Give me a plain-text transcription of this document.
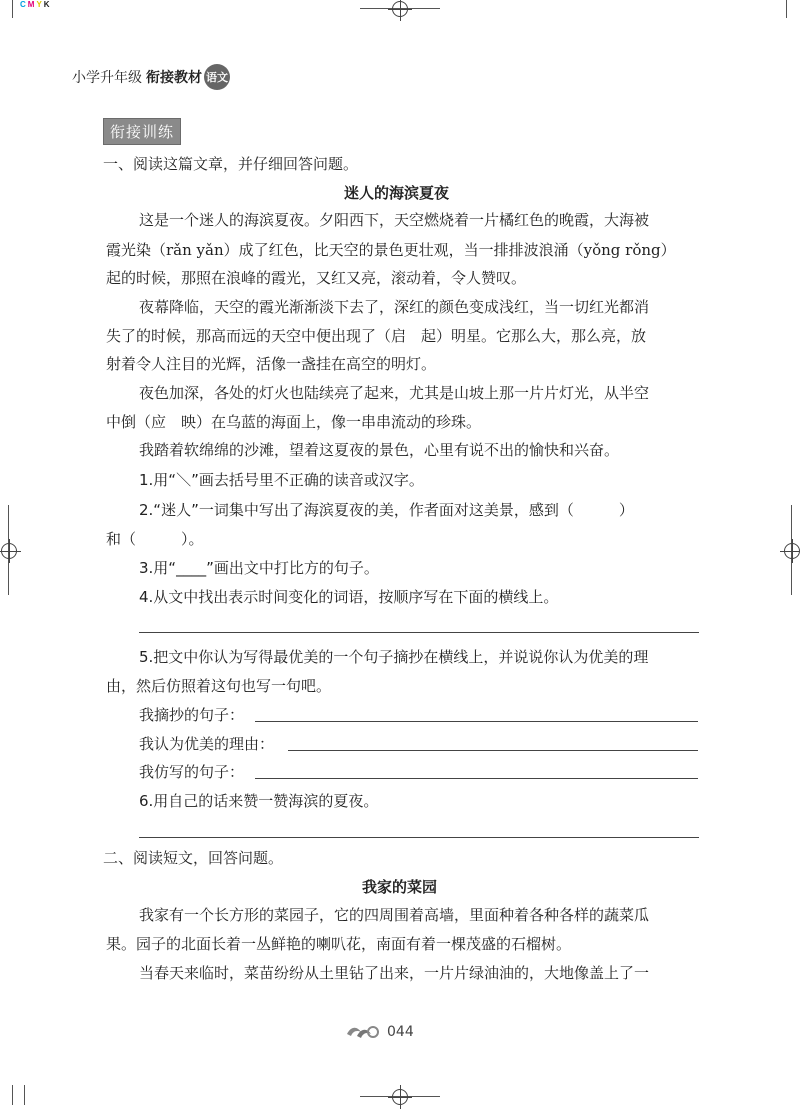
CMYK
小学升年级 衔接教材 语文
衔接训练
一、阅读这篇文章，并仔细回答问题。
迷人的海滨夏夜
这是一个迷人的海滨夏夜。夕阳西下，天空燃烧着一片橘红色的晚霞，大海被
霞光染（rǎn yǎn）成了红色，比天空的景色更壮观，当一排排波浪涌（yǒng rǒng）
起的时候，那照在浪峰的霞光，又红又亮，滚动着，令人赞叹。
夜幕降临，天空的霞光渐渐淡下去了，深红的颜色变成浅红，当一切红光都消
失了的时候，那高而远的天空中便出现了（启　起）明星。它那么大，那么亮，放
射着令人注目的光辉，活像一盏挂在高空的明灯。
夜色加深，各处的灯火也陆续亮了起来，尤其是山坡上那一片片灯光，从半空
中倒（应　映）在乌蓝的海面上，像一串串流动的珍珠。
我踏着软绵绵的沙滩，望着这夏夜的景色，心里有说不出的愉快和兴奋。
1.用“＼”画去括号里不正确的读音或汉字。
2.“迷人”一词集中写出了海滨夏夜的美，作者面对这美景，感到（　　　）
和（　　　）。
3.用“____”画出文中打比方的句子。
4.从文中找出表示时间变化的词语，按顺序写在下面的横线上。
5.把文中你认为写得最优美的一个句子摘抄在横线上，并说说你认为优美的理
由，然后仿照着这句也写一句吧。
我摘抄的句子：
我认为优美的理由：
我仿写的句子：
6.用自己的话来赞一赞海滨的夏夜。
二、阅读短文，回答问题。
我家的菜园
我家有一个长方形的菜园子，它的四周围着高墙，里面种着各种各样的蔬菜瓜
果。园子的北面长着一丛鲜艳的喇叭花，南面有着一棵茂盛的石榴树。
当春天来临时，菜苗纷纷从土里钻了出来，一片片绿油油的，大地像盖上了一
044
